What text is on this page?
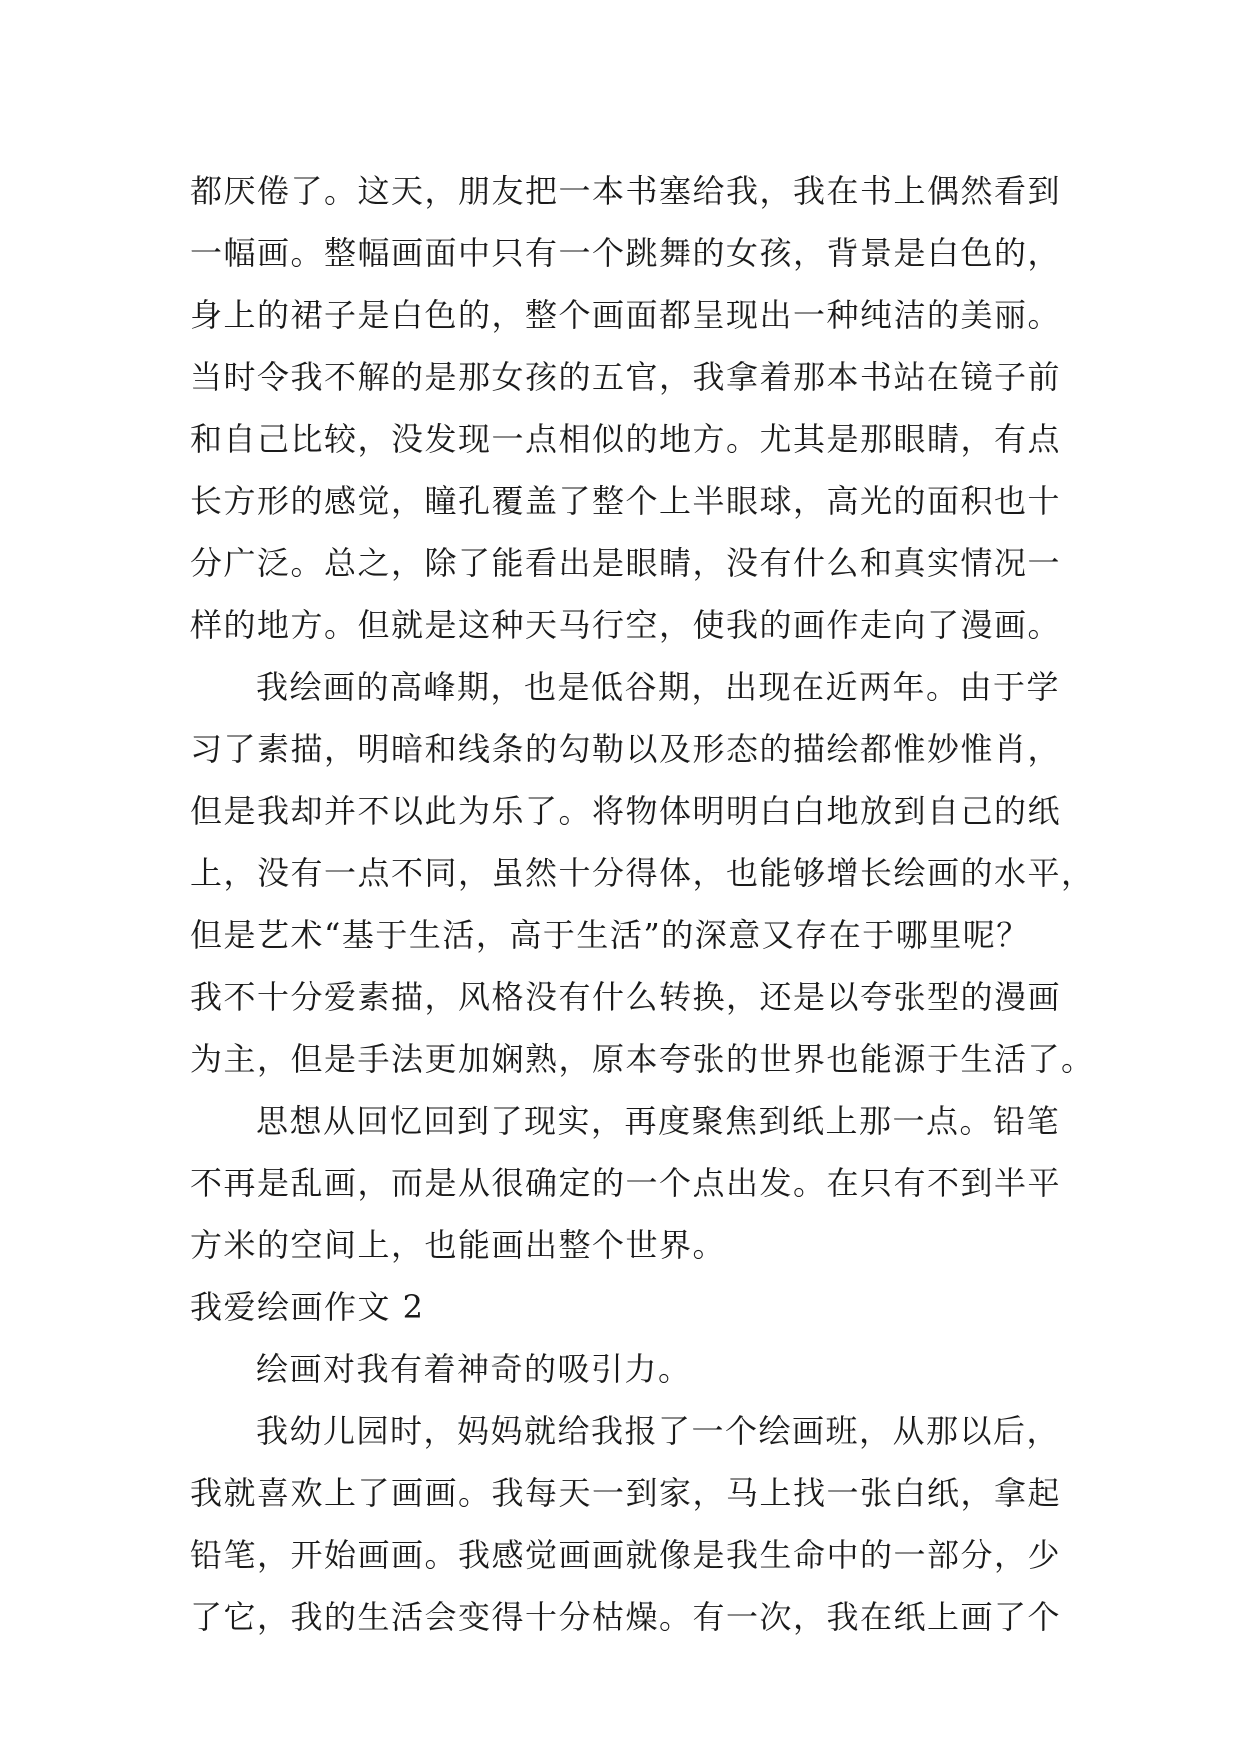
都厌倦了。这天，朋友把一本书塞给我，我在书上偶然看到
一幅画。整幅画面中只有一个跳舞的女孩，背景是白色的，
身上的裙子是白色的，整个画面都呈现出一种纯洁的美丽。
当时令我不解的是那女孩的五官，我拿着那本书站在镜子前
和自己比较，没发现一点相似的地方。尤其是那眼睛，有点
长方形的感觉，瞳孔覆盖了整个上半眼球，高光的面积也十
分广泛。总之，除了能看出是眼睛，没有什么和真实情况一
样的地方。但就是这种天马行空，使我的画作走向了漫画。
我绘画的高峰期，也是低谷期，出现在近两年。由于学
习了素描，明暗和线条的勾勒以及形态的描绘都惟妙惟肖，
但是我却并不以此为乐了。将物体明明白白地放到自己的纸
上，没有一点不同，虽然十分得体，也能够增长绘画的水平，
但是艺术“基于生活，高于生活”的深意又存在于哪里呢？
我不十分爱素描，风格没有什么转换，还是以夸张型的漫画
为主，但是手法更加娴熟，原本夸张的世界也能源于生活了。
思想从回忆回到了现实，再度聚焦到纸上那一点。铅笔
不再是乱画，而是从很确定的一个点出发。在只有不到半平
方米的空间上，也能画出整个世界。
我爱绘画作文 2
绘画对我有着神奇的吸引力。
我幼儿园时，妈妈就给我报了一个绘画班，从那以后，
我就喜欢上了画画。我每天一到家，马上找一张白纸，拿起
铅笔，开始画画。我感觉画画就像是我生命中的一部分，少
了它，我的生活会变得十分枯燥。有一次，我在纸上画了个
